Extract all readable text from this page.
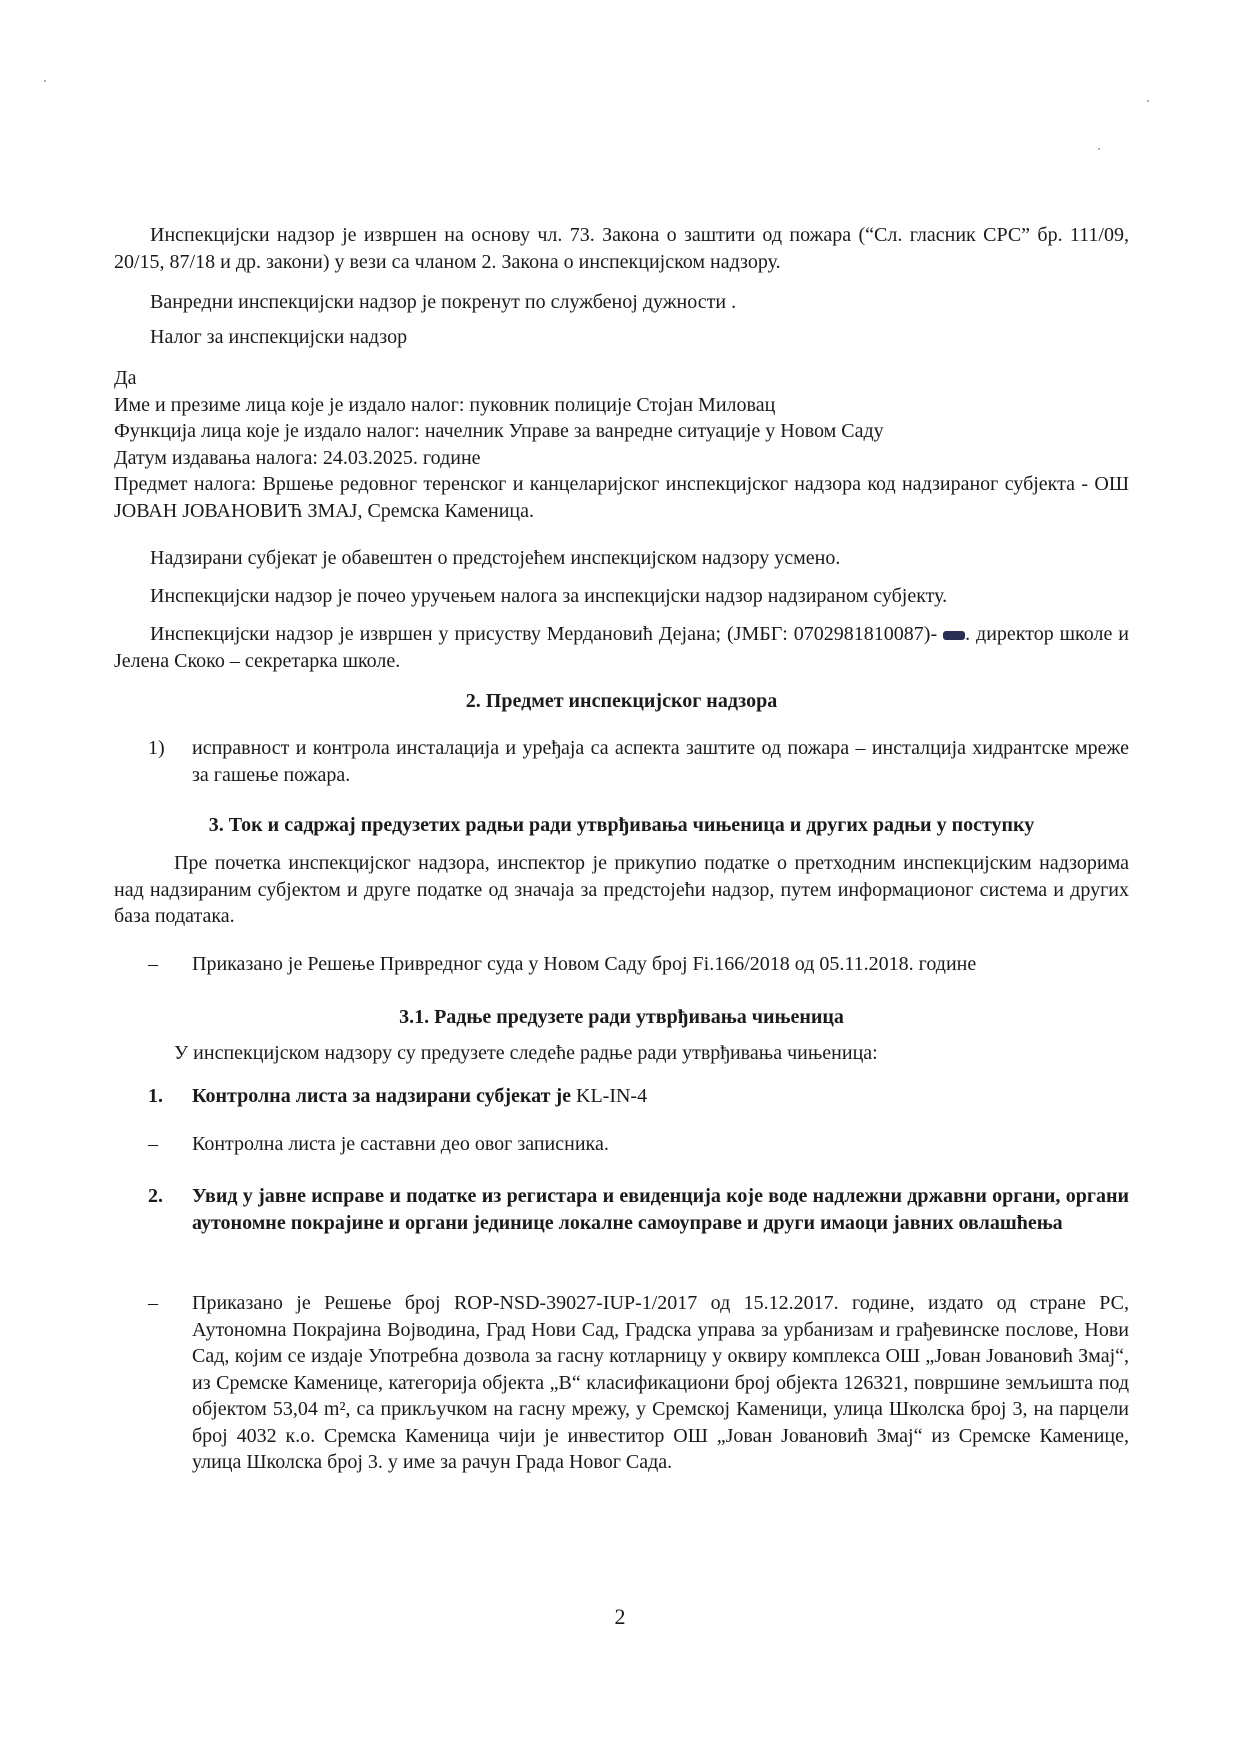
Инспекцијски надзор је извршен на основу чл. 73. Закона о заштити од пожара (“Сл. гласник СРС” бр. 111/09, 20/15, 87/18 и др. закони) у вези са чланом 2. Закона о инспекцијском надзору.

Ванредни инспекцијски надзор је покренут по службеној дужности .

Налог за инспекцијски надзор

Да
Име и презиме лица које је издало налог: пуковник полиције Стојан Миловац
Функција лица које је издало налог: начелник Управе за ванредне ситуације у Новом Саду
Датум издавања налога: 24.03.2025. године
Предмет налога: Вршење редовног теренског и канцеларијског инспекцијског надзора код надзираног субјекта - ОШ ЈОВАН ЈОВАНОВИЋ ЗМАЈ, Сремска Каменица.

Надзирани субјекат је обавештен о предстојећем инспекцијском надзору усмено.

Инспекцијски надзор је почео уручењем налога за инспекцијски надзор надзираном субјекту.

Инспекцијски надзор је извршен у присуству Мердановић Дејана; (ЈМБГ: 0702981810087)- . директор школе и Јелена Скоко – секретарка школе.

2. Предмет инспекцијског надзора

1) исправност и контрола инсталација и уређаја са аспекта заштите од пожара – инсталција хидрантске мреже за гашење пожара.

3. Ток и садржај предузетих радњи ради утврђивања чињеница и других радњи у поступку

Пре почетка инспекцијског надзора, инспектор је прикупио податке о претходним инспекцијским надзорима над надзираним субјектом и друге податке од значаја за предстојећи надзор, путем информационог система и других база података.

– Приказано је Решење Привредног суда у Новом Саду број Fi.166/2018 од 05.11.2018. године

3.1. Радње предузете ради утврђивања чињеница

У инспекцијском надзору су предузете следеће радње ради утврђивања чињеница:

1. Контролна листа за надзирани субјекат је KL-IN-4
– Контролна листа је саставни део овог записника.
2. Увид у јавне исправе и податке из регистара и евиденција које воде надлежни државни органи, органи аутономне покрајине и органи јединице локалне самоуправе и други имаоци јавних овлашћења
– Приказано је Решење број ROP-NSD-39027-IUP-1/2017 од 15.12.2017. године, издато од стране РС, Аутономна Покрајина Војводина, Град Нови Сад, Градска управа за урбанизам и грађевинске послове, Нови Сад, којим се издаје Употребна дозвола за гасну котларницу у оквиру комплекса ОШ „Јован Јовановић Змај“, из Сремске Каменице, категорија објекта „В“ класификациони број објекта 126321, површине земљишта под објектом 53,04 m², са прикључком на гасну мрежу, у Сремској Каменици, улица Школска број 3, на парцели број 4032 к.о. Сремска Каменица чији је инвеститор ОШ „Јован Јовановић Змај“ из Сремске Каменице, улица Школска број 3. у име за рачун Града Новог Сада.
2
